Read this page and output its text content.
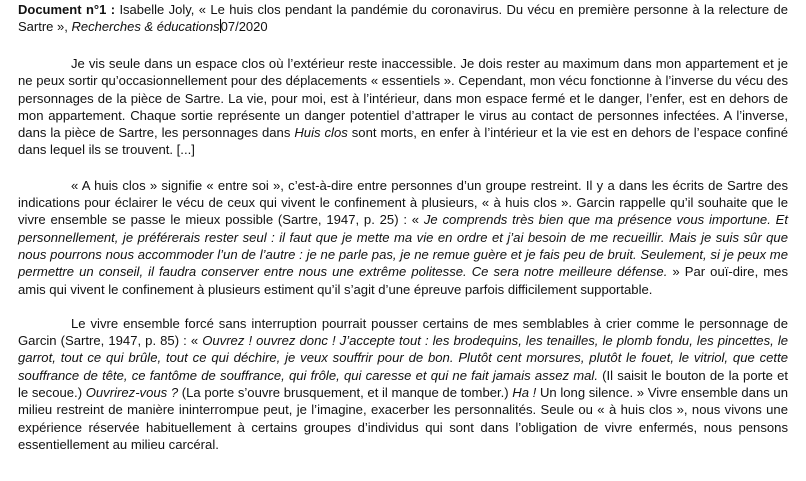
Document n°1 : Isabelle Joly, « Le huis clos pendant la pandémie du coronavirus. Du vécu en première personne à la relecture de Sartre », Recherches & éducations07/2020

Je vis seule dans un espace clos où l’extérieur reste inaccessible. Je dois rester au maximum dans mon appartement et je ne peux sortir qu’occasionnellement pour des déplacements « essentiels ». Cependant, mon vécu fonctionne à l’inverse du vécu des personnages de la pièce de Sartre. La vie, pour moi, est à l’intérieur, dans mon espace fermé et le danger, l’enfer, est en dehors de mon appartement. Chaque sortie représente un danger potentiel d’attraper le virus au contact de personnes infectées. A l’inverse, dans la pièce de Sartre, les personnages dans Huis clos sont morts, en enfer à l’intérieur et la vie est en dehors de l’espace confiné dans lequel ils se trouvent. [...]

« A huis clos » signifie « entre soi », c’est-à-dire entre personnes d’un groupe restreint. Il y a dans les écrits de Sartre des indications pour éclairer le vécu de ceux qui vivent le confinement à plusieurs, « à huis clos ». Garcin rappelle qu’il souhaite que le vivre ensemble se passe le mieux possible (Sartre, 1947, p. 25) : « Je comprends très bien que ma présence vous importune. Et personnellement, je préférerais rester seul : il faut que je mette ma vie en ordre et j’ai besoin de me recueillir. Mais je suis sûr que nous pourrons nous accommoder l’un de l’autre : je ne parle pas, je ne remue guère et je fais peu de bruit. Seulement, si je peux me permettre un conseil, il faudra conserver entre nous une extrême politesse. Ce sera notre meilleure défense. » Par ouï-dire, mes amis qui vivent le confinement à plusieurs estiment qu’il s’agit d’une épreuve parfois difficilement supportable.

Le vivre ensemble forcé sans interruption pourrait pousser certains de mes semblables à crier comme le personnage de Garcin (Sartre, 1947, p. 85) : « Ouvrez ! ouvrez donc ! J’accepte tout : les brodequins, les tenailles, le plomb fondu, les pincettes, le garrot, tout ce qui brûle, tout ce qui déchire, je veux souffrir pour de bon. Plutôt cent morsures, plutôt le fouet, le vitriol, que cette souffrance de tête, ce fantôme de souffrance, qui frôle, qui caresse et qui ne fait jamais assez mal. (Il saisit le bouton de la porte et le secoue.) Ouvrirez-vous ? (La porte s’ouvre brusquement, et il manque de tomber.) Ha ! Un long silence. » Vivre ensemble dans un milieu restreint de manière ininterrompue peut, je l’imagine, exacerber les personnalités. Seule ou « à huis clos », nous vivons une expérience réservée habituellement à certains groupes d’individus qui sont dans l’obligation de vivre enfermés, nous pensons essentiellement au milieu carcéral.
